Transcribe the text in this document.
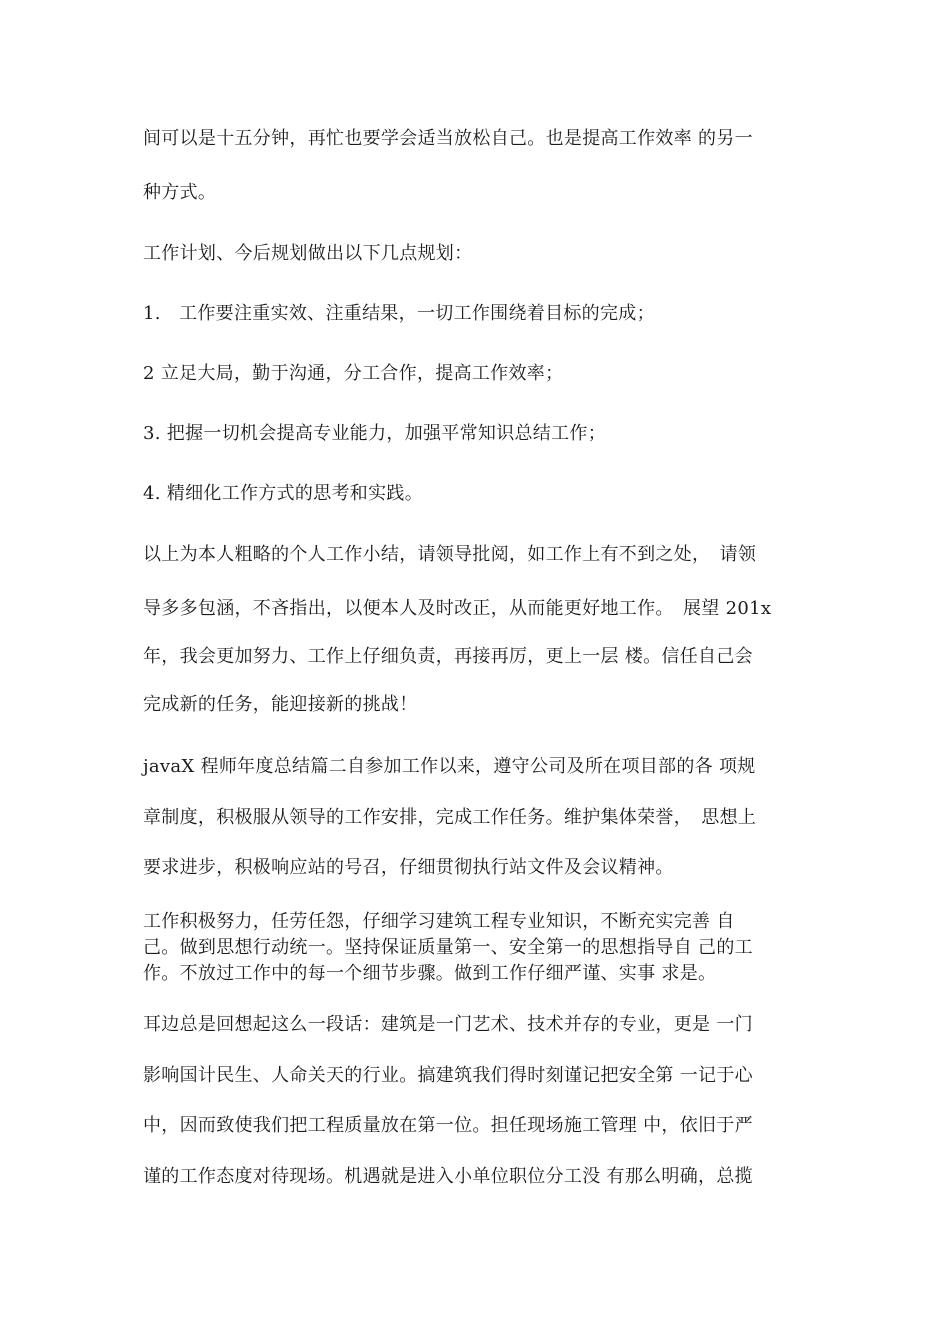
间可以是十五分钟，再忙也要学会适当放松自己。也是提高工作效率 的另一
种方式。
工作计划、今后规划做出以下几点规划：
1.　工作要注重实效、注重结果，一切工作围绕着目标的完成；
2 立足大局，勤于沟通，分工合作，提高工作效率；
3. 把握一切机会提高专业能力，加强平常知识总结工作；
4. 精细化工作方式的思考和实践。
以上为本人粗略的个人工作小结，请领导批阅，如工作上有不到之处，　请领
导多多包涵，不吝指出，以便本人及时改正，从而能更好地工作。　展望 201x
年，我会更加努力、工作上仔细负责，再接再厉，更上一层 楼。信任自己会
完成新的任务，能迎接新的挑战！
javaX 程师年度总结篇二自参加工作以来，遵守公司及所在项目部的各 项规
章制度，积极服从领导的工作安排，完成工作任务。维护集体荣誉，　思想上
要求进步，积极响应站的号召，仔细贯彻执行站文件及会议精神。
工作积极努力，任劳任怨，仔细学习建筑工程专业知识，不断充实完善 自
己。做到思想行动统一。坚持保证质量第一、安全第一的思想指导自 己的工
作。不放过工作中的每一个细节步骤。做到工作仔细严谨、实事 求是。
耳边总是回想起这么一段话：建筑是一门艺术、技术并存的专业，更是 一门
影响国计民生、人命关天的行业。搞建筑我们得时刻谨记把安全第 一记于心
中，因而致使我们把工程质量放在第一位。担任现场施工管理 中，依旧于严
谨的工作态度对待现场。机遇就是进入小单位职位分工没 有那么明确，总揽
